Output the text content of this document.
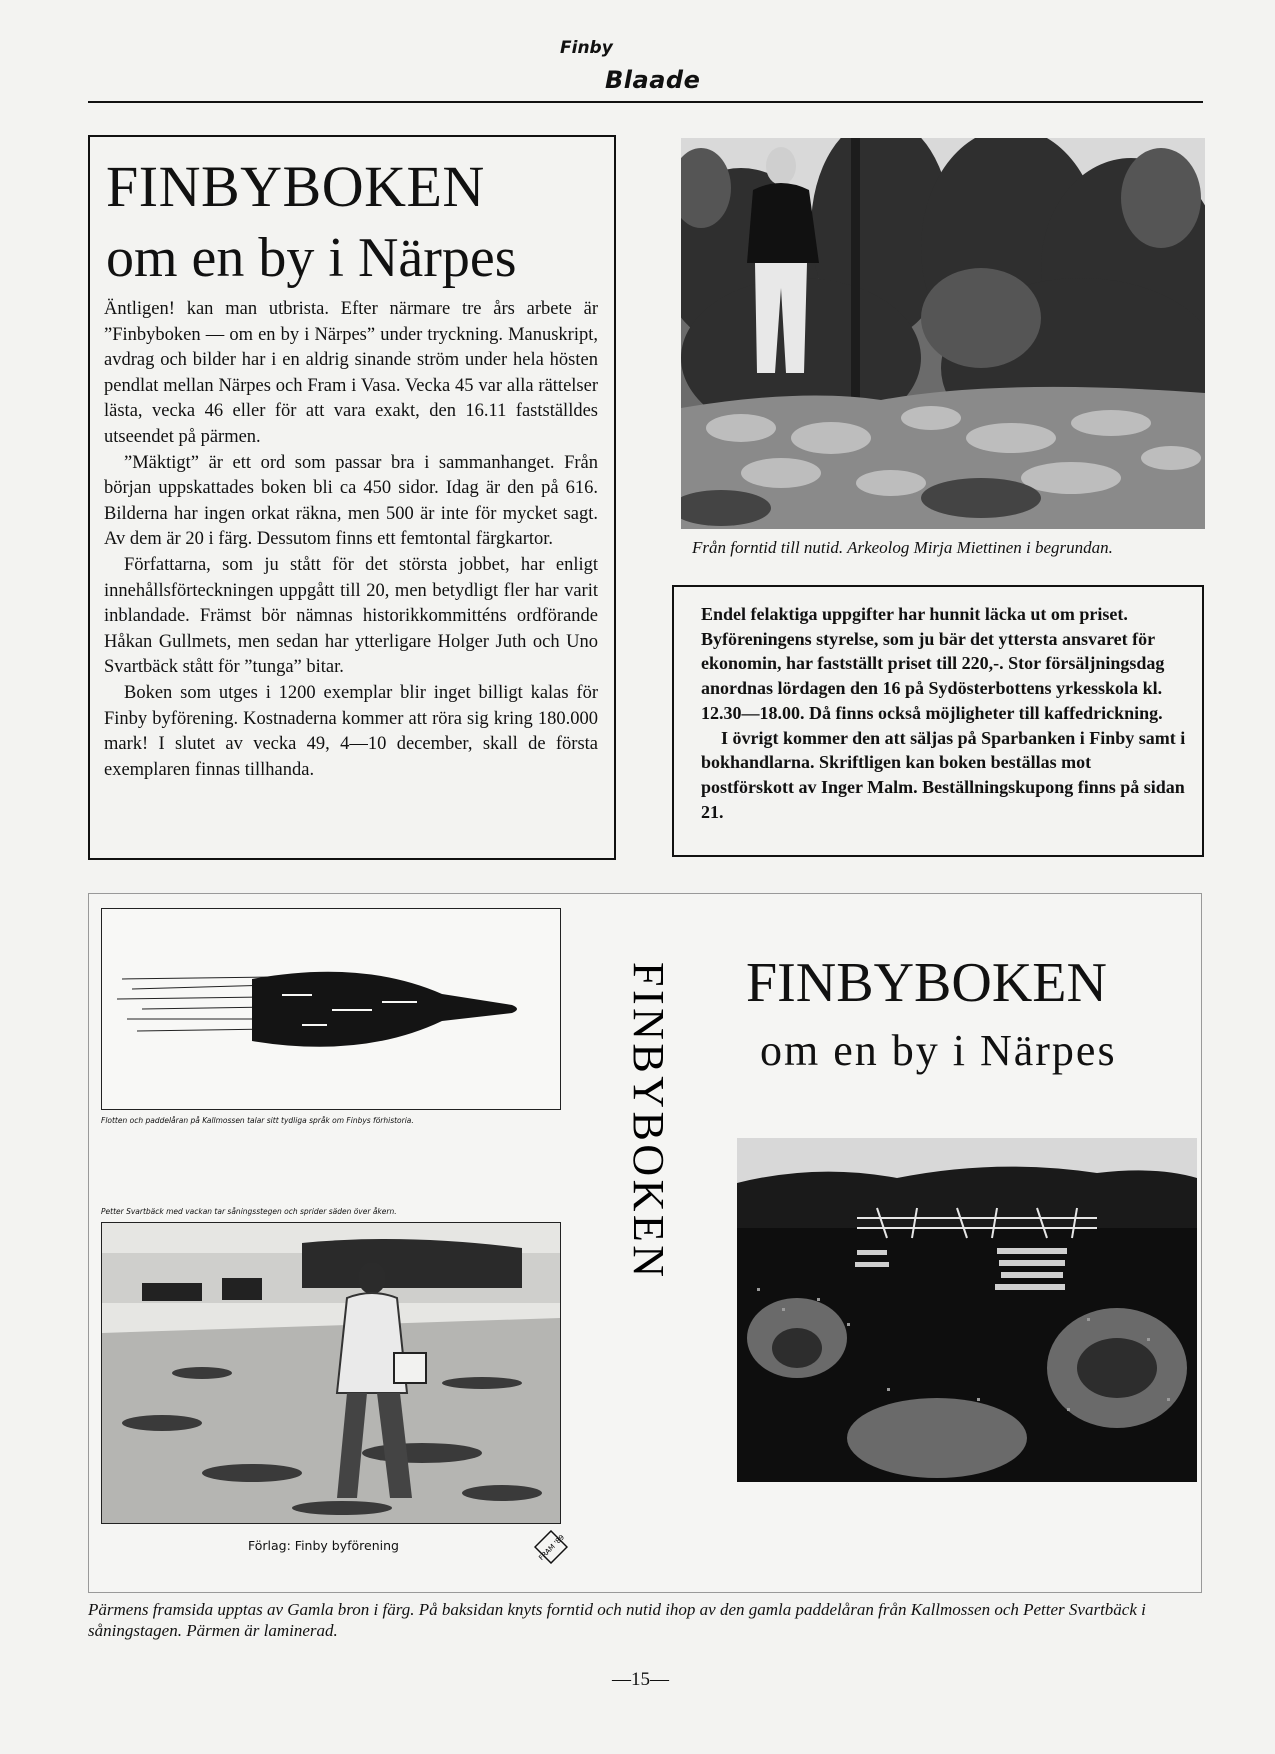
Finby
Blaade
FINBYBOKEN
om en by i Närpes

Äntligen! kan man utbrista. Efter närmare tre års arbete är ”Finbyboken — om en by i Närpes” under tryckning. Manuskript, avdrag och bilder har i en aldrig sinande ström under hela hösten pendlat mellan Närpes och Fram i Vasa. Vecka 45 var alla rättelser lästa, vecka 46 eller för att vara exakt, den 16.11 fastställdes utseendet på pärmen.

”Mäktigt” är ett ord som passar bra i sammanhanget. Från början uppskattades boken bli ca 450 sidor. Idag är den på 616. Bilderna har ingen orkat räkna, men 500 är inte för mycket sagt. Av dem är 20 i färg. Dessutom finns ett femtontal färgkartor.

Författarna, som ju stått för det största jobbet, har enligt innehållsförteckningen uppgått till 20, men betydligt fler har varit inblandade. Främst bör nämnas historikkommitténs ordförande Håkan Gullmets, men sedan har ytterligare Holger Juth och Uno Svartbäck stått för ”tunga” bitar.

Boken som utges i 1200 exemplar blir inget billigt kalas för Finby byförening. Kostnaderna kommer att röra sig kring 180.000 mark! I slutet av vecka 49, 4—10 december, skall de första exemplaren finnas tillhanda.

Från forntid till nutid. Arkeolog Mirja Miettinen i begrundan.

Endel felaktiga uppgifter har hunnit läcka ut om priset. Byföreningens styrelse, som ju bär det yttersta ansvaret för ekonomin, har fastställt priset till 220,-. Stor försäljningsdag anordnas lördagen den 16 på Sydösterbottens yrkesskola kl. 12.30—18.00. Då finns också möjligheter till kaffedrickning.

I övrigt kommer den att säljas på Sparbanken i Finby samt i bokhandlarna. Skriftligen kan boken beställas mot postförskott av Inger Malm. Beställningskupong finns på sidan 21.

Flotten och paddelåran på Kallmossen talar sitt tydliga språk om Finbys förhistoria.
Petter Svartbäck med vackan tar såningsstegen och sprider säden över åkern.
Förlag: Finby byförening	FRAM '89
FINBYBOKEN FINBYBOKEN
om en by i Närpes
Pärmens framsida upptas av Gamla bron i färg. På baksidan knyts forntid och nutid ihop av den gamla paddelåran från Kallmossen och Petter Svartbäck i såningstagen. Pärmen är laminerad.
—15—
